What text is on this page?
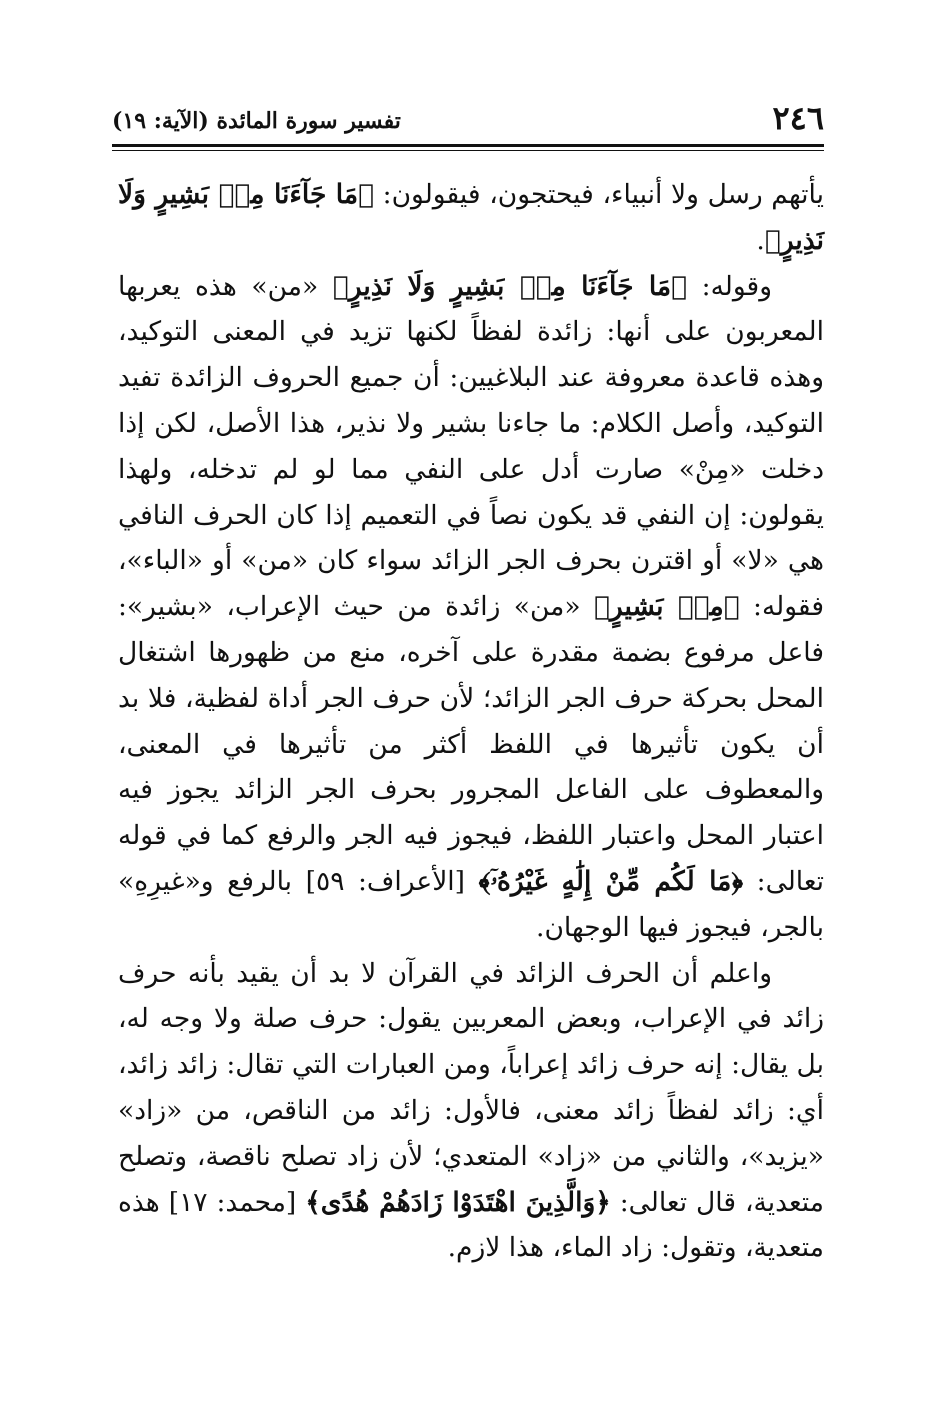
٢٤٦
تفسير سورة المائدة (الآية: ١٩)

يأتهم رسل ولا أنبياء، فيحتجون، فيقولون: ﴿مَا جَآءَنَا مِنۢ بَشِيرٍ وَلَا نَذِيرٍ﴾.

وقوله: ﴿مَا جَآءَنَا مِنۢ بَشِيرٍ وَلَا نَذِيرٍ﴾ «من» هذه يعربها المعربون على أنها: زائدة لفظاً لكنها تزيد في المعنى التوكيد، وهذه قاعدة معروفة عند البلاغيين: أن جميع الحروف الزائدة تفيد التوكيد، وأصل الكلام: ما جاءنا بشير ولا نذير، هذا الأصل، لكن إذا دخلت «مِنْ» صارت أدل على النفي مما لو لم تدخله، ولهذا يقولون: إن النفي قد يكون نصاً في التعميم إذا كان الحرف النافي هي «لا» أو اقترن بحرف الجر الزائد سواء كان «من» أو «الباء»، فقوله: ﴿مِنۢ بَشِيرٍ﴾ «من» زائدة من حيث الإعراب، «بشير»: فاعل مرفوع بضمة مقدرة على آخره، منع من ظهورها اشتغال المحل بحركة حرف الجر الزائد؛ لأن حرف الجر أداة لفظية، فلا بد أن يكون تأثيرها في اللفظ أكثر من تأثيرها في المعنى، والمعطوف على الفاعل المجرور بحرف الجر الزائد يجوز فيه اعتبار المحل واعتبار اللفظ، فيجوز فيه الجر والرفع كما في قوله تعالى: ﴿مَا لَكُم مِّنْ إِلَٰهٍ غَيْرُهُۥٓ﴾ [الأعراف: ٥٩] بالرفع و«غيرِهِ» بالجر، فيجوز فيها الوجهان.

واعلم أن الحرف الزائد في القرآن لا بد أن يقيد بأنه حرف زائد في الإعراب، وبعض المعربين يقول: حرف صلة ولا وجه له، بل يقال: إنه حرف زائد إعراباً، ومن العبارات التي تقال: زائد زائد، أي: زائد لفظاً زائد معنى، فالأول: زائد من الناقص، من «زاد» «يزيد»، والثاني من «زاد» المتعدي؛ لأن زاد تصلح ناقصة، وتصلح متعدية، قال تعالى: ﴿وَالَّذِينَ اهْتَدَوْا زَادَهُمْ هُدًى﴾ [محمد: ١٧] هذه متعدية، وتقول: زاد الماء، هذا لازم.
